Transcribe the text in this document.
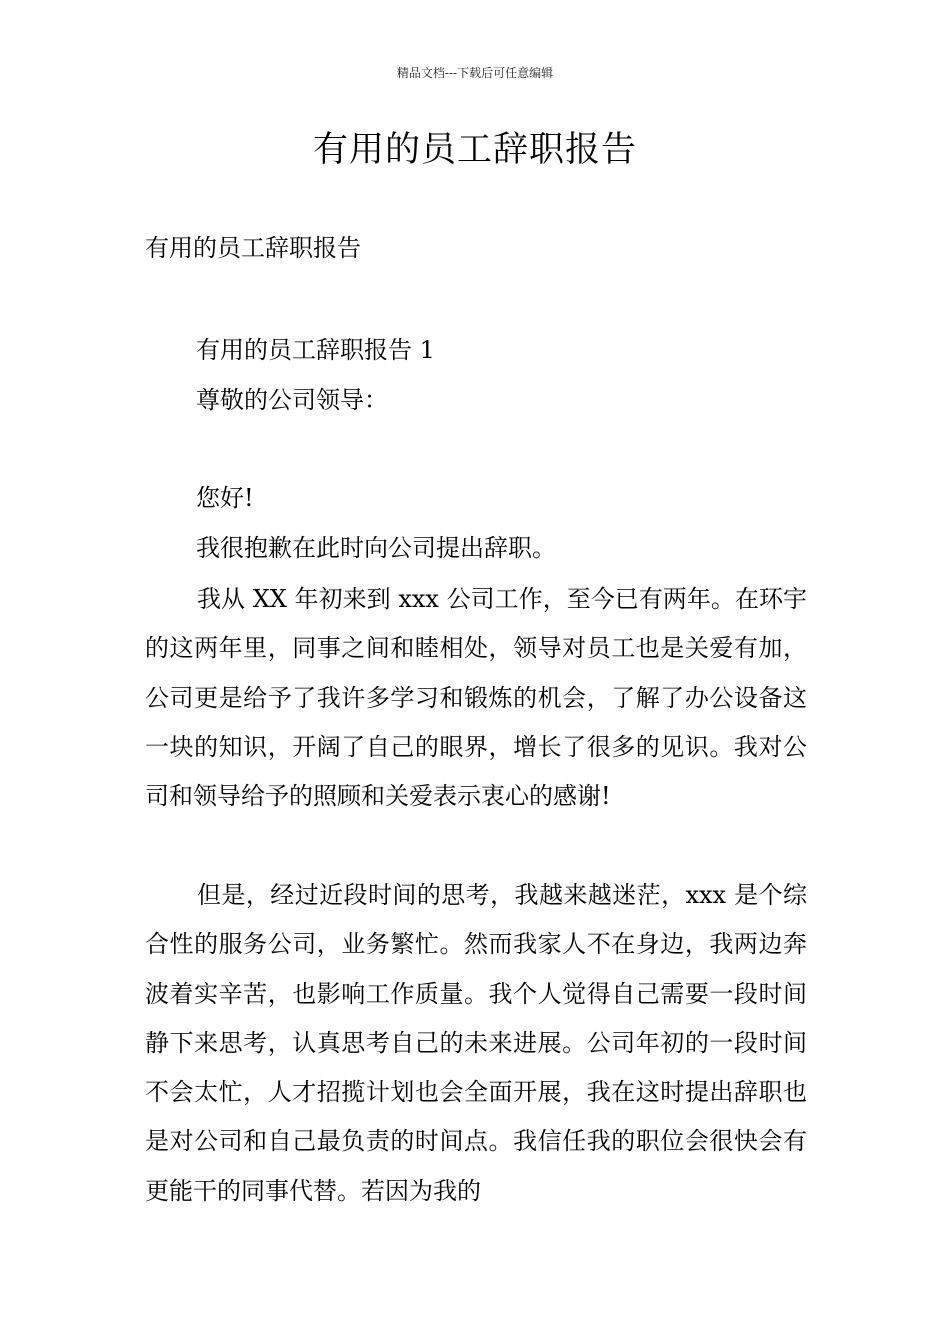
精品文档---下载后可任意编辑
有用的员工辞职报告

有用的员工辞职报告

有用的员工辞职报告 1

尊敬的公司领导：

您好!

我很抱歉在此时向公司提出辞职。

我从 XX 年初来到 xxx 公司工作，至今已有两年。在环宇的这两年里，同事之间和睦相处，领导对员工也是关爱有加，公司更是给予了我许多学习和锻炼的机会，了解了办公设备这一块的知识，开阔了自己的眼界，增长了很多的见识。我对公司和领导给予的照顾和关爱表示衷心的感谢!

但是，经过近段时间的思考，我越来越迷茫，xxx 是个综合性的服务公司，业务繁忙。然而我家人不在身边，我两边奔波着实辛苦，也影响工作质量。我个人觉得自己需要一段时间静下来思考，认真思考自己的未来进展。公司年初的一段时间不会太忙，人才招揽计划也会全面开展，我在这时提出辞职也是对公司和自己最负责的时间点。我信任我的职位会很快会有更能干的同事代替。若因为我的
